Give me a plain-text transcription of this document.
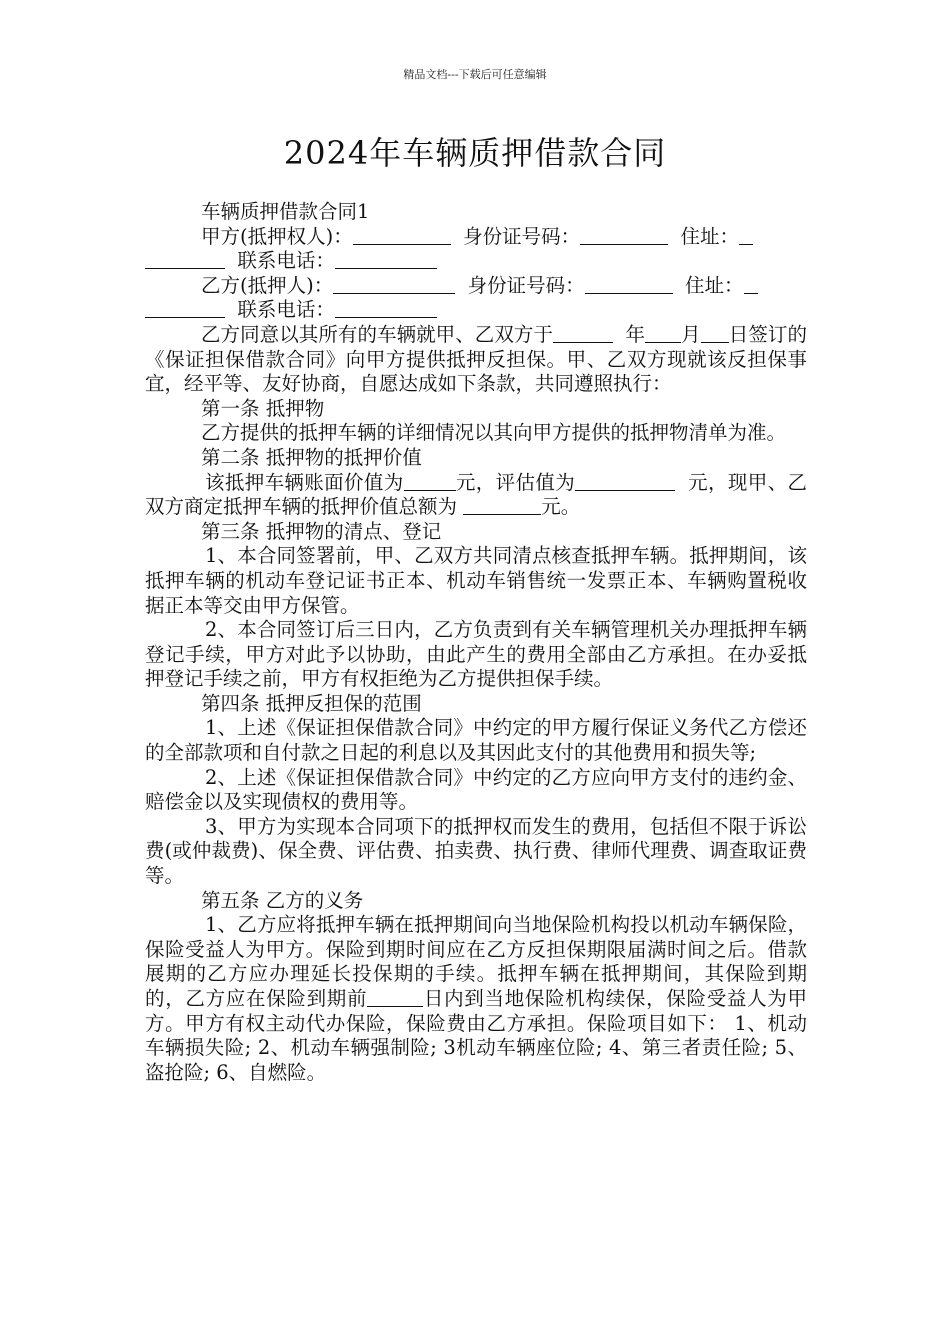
精品文档---下载后可任意编辑
2024年车辆质押借款合同

车辆质押借款合同1

甲方(抵押权人)：	身份证号码：	住址：
联系电话：

乙方(抵押人)：	身份证号码：	住址：
联系电话：

乙方同意以其所有的车辆就甲、乙双方于	年 月 日签订的《保证担保借款合同》向甲方提供抵押反担保。甲、乙双方现就该反担保事宜，经平等、友好协商，自愿达成如下条款，共同遵照执行：

第一条 抵押物

乙方提供的抵押车辆的详细情况以其向甲方提供的抵押物清单为准。

第二条 抵押物的抵押价值

该抵押车辆账面价值为	元，评估值为	元，现甲、乙双方商定抵押车辆的抵押价值总额为	元。

第三条 抵押物的清点、登记

1、本合同签署前，甲、乙双方共同清点核查抵押车辆。抵押期间，该抵押车辆的机动车登记证书正本、机动车销售统一发票正本、车辆购置税收据正本等交由甲方保管。

2、本合同签订后三日内，乙方负责到有关车辆管理机关办理抵押车辆登记手续，甲方对此予以协助，由此产生的费用全部由乙方承担。在办妥抵押登记手续之前，甲方有权拒绝为乙方提供担保手续。

第四条 抵押反担保的范围

1、上述《保证担保借款合同》中约定的甲方履行保证义务代乙方偿还的全部款项和自付款之日起的利息以及其因此支付的其他费用和损失等;

2、上述《保证担保借款合同》中约定的乙方应向甲方支付的违约金、赔偿金以及实现债权的费用等。

3、甲方为实现本合同项下的抵押权而发生的费用，包括但不限于诉讼费(或仲裁费)、保全费、评估费、拍卖费、执行费、律师代理费、调查取证费等。

第五条 乙方的义务

1、乙方应将抵押车辆在抵押期间向当地保险机构投以机动车辆保险，保险受益人为甲方。保险到期时间应在乙方反担保期限届满时间之后。借款展期的乙方应办理延长投保期的手续。抵押车辆在抵押期间，其保险到期的，乙方应在保险到期前	日内到当地保险机构续保，保险受益人为甲方。甲方有权主动代办保险，保险费由乙方承担。保险项目如下： 1、机动车辆损失险; 2、机动车辆强制险; 3机动车辆座位险; 4、第三者责任险; 5、盗抢险; 6、自燃险。
